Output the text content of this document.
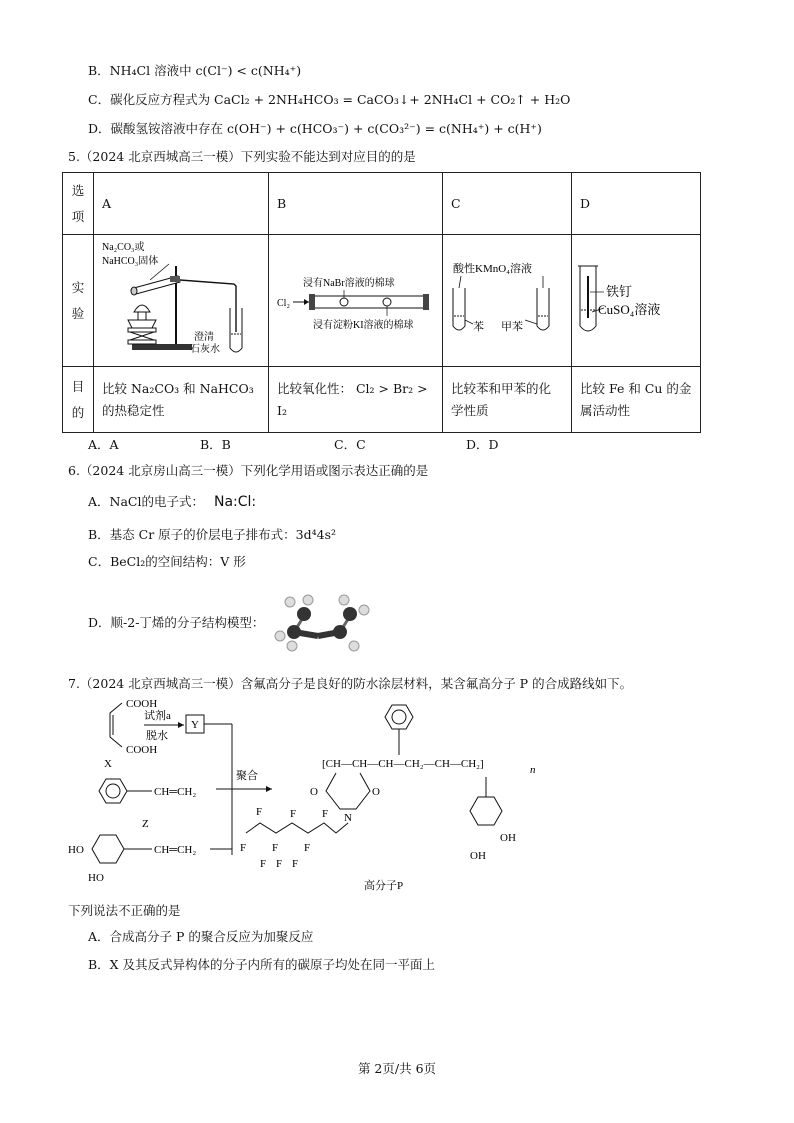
B．NH₄Cl 溶液中 c(Cl⁻) < c(NH₄⁺)
C．碳化反应方程式为 CaCl₂ + 2NH₄HCO₃ = CaCO₃↓+ 2NH₄Cl + CO₂↑ + H₂O
D．碳酸氢铵溶液中存在 c(OH⁻) + c(HCO₃⁻) + c(CO₃²⁻) = c(NH₄⁺) + c(H⁺)
5.（2024 北京西城高三一模）下列实验不能达到对应目的的是
选项	A	B	C	D
实验	Na₂CO₃或
NaHCO₃固体
澄清
石灰水	浸有NaBr溶液的棉球
Cl₂
浸有淀粉KI溶液的棉球	酸性KMnO₄溶液
苯 甲苯	铁钉
CuSO₄溶液

目的	比较 Na₂CO₃ 和 NaHCO₃ 的热稳定性	比较氧化性： Cl₂ > Br₂ > I₂	比较苯和甲苯的化学性质	比较 Fe 和 Cu 的金属活动性
A．A	B．B	C．C	D．D
6.（2024 北京房山高三一模）下列化学用语或图示表达正确的是
A．NaCl的电子式： Na:Cl:
B．基态 Cr 原子的价层电子排布式：3d⁴4s²
C．BeCl₂的空间结构：V 形
D．顺-2-丁烯的分子结构模型：
7.（2024 北京西城高三一模）含氟高分子是良好的防水涂层材料，某含氟高分子 P 的合成路线如下。
COOH
COOH
X
试剂a
脱水
Y
聚合
CH═CH₂
Z
CH═CH₂
HO
HO
[CH—CH—CH—CH₂—CH—CH₂]	n
O	O
N
F F
F
F
F
F
F F F
OH
OH
高分子P
下列说法不正确的是
A．合成高分子 P 的聚合反应为加聚反应
B．X 及其反式异构体的分子内所有的碳原子均处在同一平面上
第 2页/共 6页
